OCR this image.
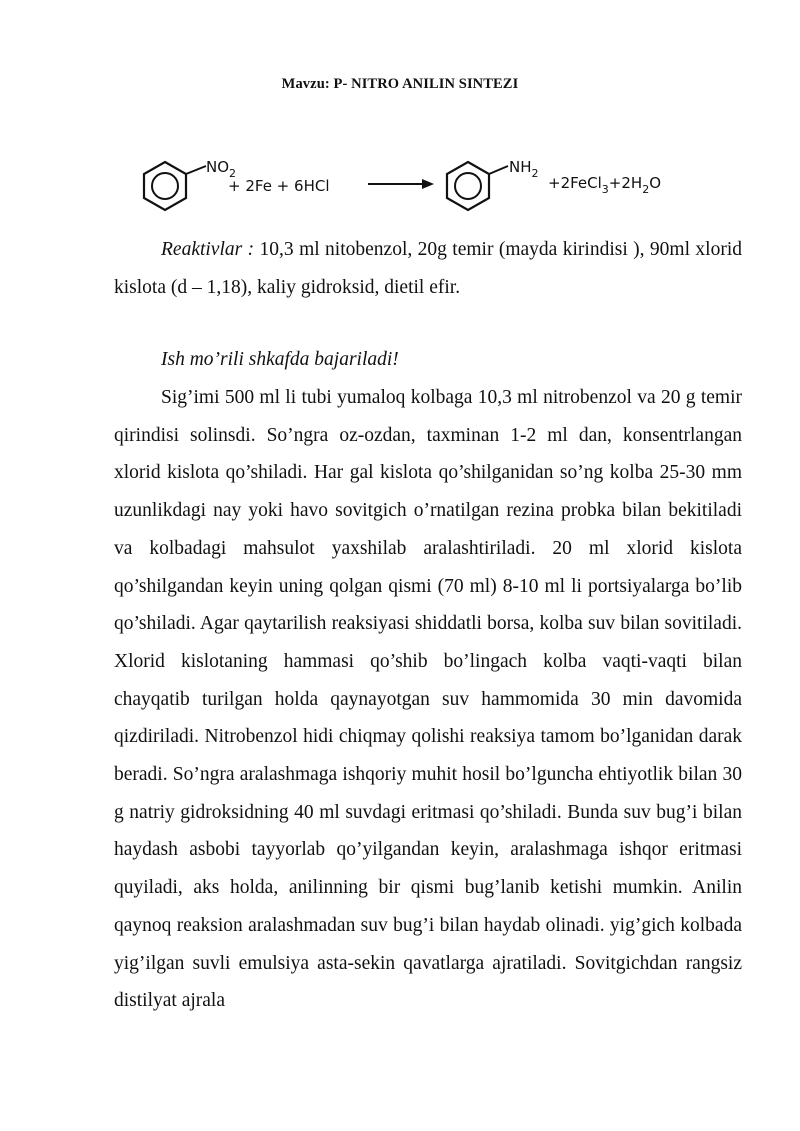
Mavzu: P- NITRO ANILIN SINTEZI
$NO_2$
+ 2Fe + 6HCl
$NH_2$
$+2FeCl_3+2H_2O$

Reaktivlar : 10,3 ml nitobenzol, 20g temir (mayda kirindisi ), 90ml xlorid kislota (d – 1,18), kaliy gidroksid, dietil efir.

Ish mo’rili shkafda bajariladi!

Sig’imi 500 ml li tubi yumaloq kolbaga 10,3 ml nitrobenzol va 20 g temir qirindisi solinsdi. So’ngra oz-ozdan, taxminan 1-2 ml dan, konsentrlangan xlorid kislota qo’shiladi. Har gal kislota qo’shilganidan so’ng kolba 25-30 mm uzunlikdagi nay yoki havo sovitgich o’rnatilgan rezina probka bilan bekitiladi va kolbadagi mahsulot yaxshilab aralashtiriladi. 20 ml xlorid kislota qo’shilgandan keyin uning qolgan qismi (70 ml) 8-10 ml li portsiyalarga bo’lib qo’shiladi. Agar qaytarilish reaksiyasi shiddatli borsa, kolba suv bilan sovitiladi. Xlorid kislotaning hammasi qo’shib bo’lingach kolba vaqti-vaqti bilan chayqatib turilgan holda qaynayotgan suv hammomida 30 min davomida qizdiriladi. Nitrobenzol hidi chiqmay qolishi reaksiya tamom bo’lganidan darak beradi. So’ngra aralashmaga ishqoriy muhit hosil bo’lguncha ehtiyotlik bilan 30 g natriy gidroksidning 40 ml suvdagi eritmasi qo’shiladi. Bunda suv bug’i bilan haydash asbobi tayyorlab qo’yilgandan keyin, aralashmaga ishqor eritmasi quyiladi, aks holda, anilinning bir qismi bug’lanib ketishi mumkin. Anilin qaynoq reaksion aralashmadan suv bug’i bilan haydab olinadi. yig’gich kolbada yig’ilgan suvli emulsiya asta-sekin qavatlarga ajratiladi. Sovitgichdan rangsiz distilyat ajrala
